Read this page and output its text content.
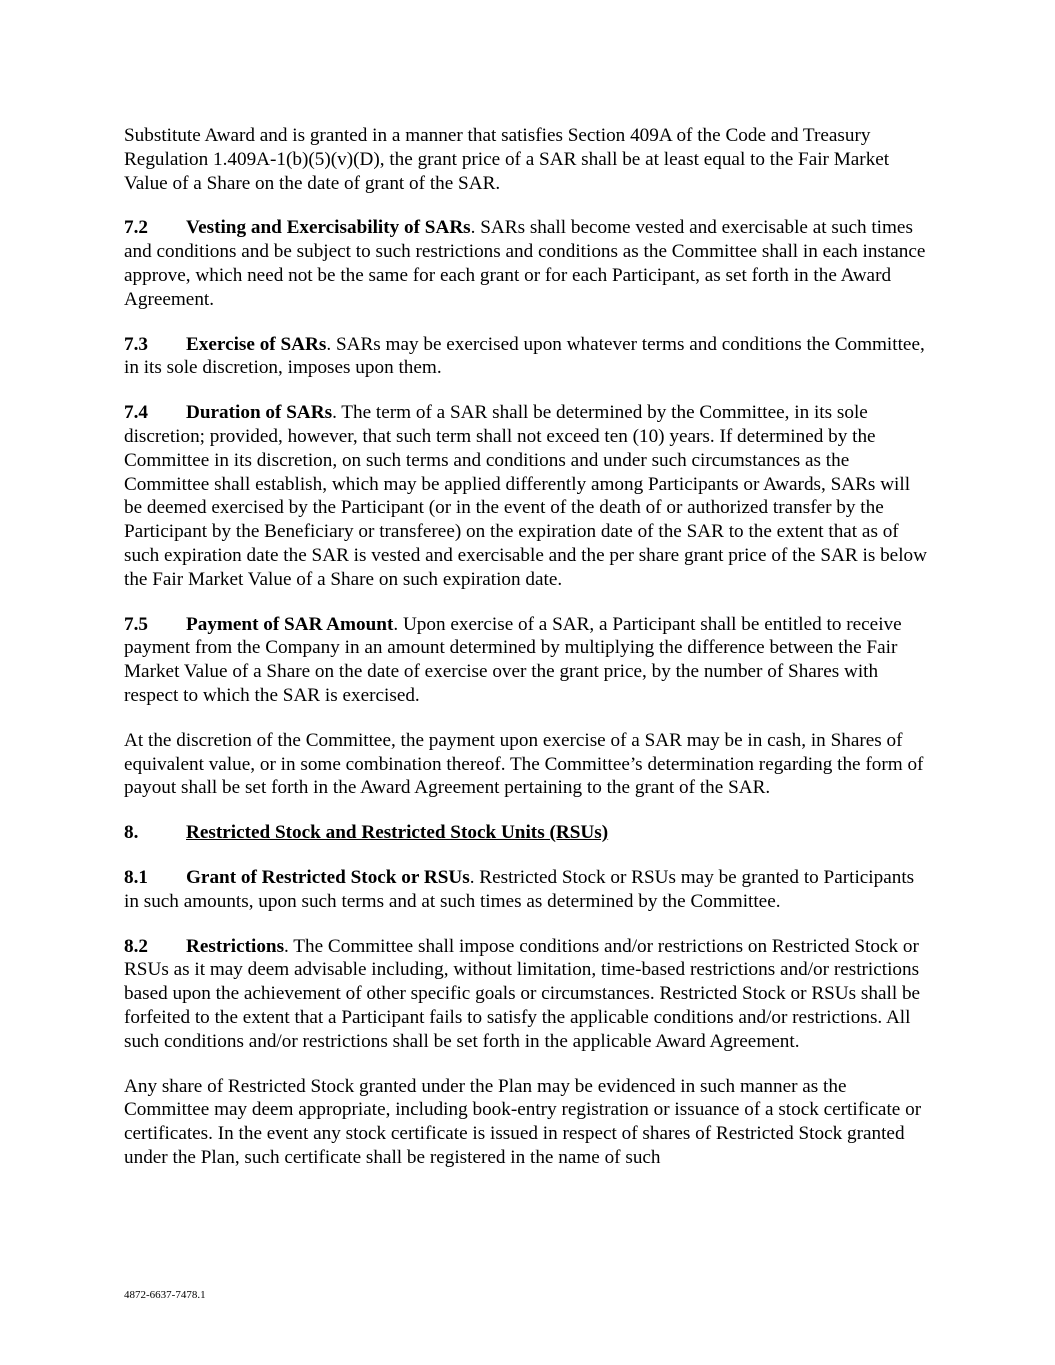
Substitute Award and is granted in a manner that satisfies Section 409A of the Code and Treasury Regulation 1.409A-1(b)(5)(v)(D), the grant price of a SAR shall be at least equal to the Fair Market Value of a Share on the date of grant of the SAR.

7.2 Vesting and Exercisability of SARs. SARs shall become vested and exercisable at such times and conditions and be subject to such restrictions and conditions as the Committee shall in each instance approve, which need not be the same for each grant or for each Participant, as set forth in the Award Agreement.

7.3 Exercise of SARs. SARs may be exercised upon whatever terms and conditions the Committee, in its sole discretion, imposes upon them.

7.4 Duration of SARs. The term of a SAR shall be determined by the Committee, in its sole discretion; provided, however, that such term shall not exceed ten (10) years. If determined by the Committee in its discretion, on such terms and conditions and under such circumstances as the Committee shall establish, which may be applied differently among Participants or Awards, SARs will be deemed exercised by the Participant (or in the event of the death of or authorized transfer by the Participant by the Beneficiary or transferee) on the expiration date of the SAR to the extent that as of such expiration date the SAR is vested and exercisable and the per share grant price of the SAR is below the Fair Market Value of a Share on such expiration date.

7.5 Payment of SAR Amount. Upon exercise of a SAR, a Participant shall be entitled to receive payment from the Company in an amount determined by multiplying the difference between the Fair Market Value of a Share on the date of exercise over the grant price, by the number of Shares with respect to which the SAR is exercised.

At the discretion of the Committee, the payment upon exercise of a SAR may be in cash, in Shares of equivalent value, or in some combination thereof. The Committee’s determination regarding the form of payout shall be set forth in the Award Agreement pertaining to the grant of the SAR.

8. Restricted Stock and Restricted Stock Units (RSUs)

8.1 Grant of Restricted Stock or RSUs. Restricted Stock or RSUs may be granted to Participants in such amounts, upon such terms and at such times as determined by the Committee.

8.2 Restrictions. The Committee shall impose conditions and/or restrictions on Restricted Stock or RSUs as it may deem advisable including, without limitation, time-based restrictions and/or restrictions based upon the achievement of other specific goals or circumstances. Restricted Stock or RSUs shall be forfeited to the extent that a Participant fails to satisfy the applicable conditions and/or restrictions. All such conditions and/or restrictions shall be set forth in the applicable Award Agreement.

Any share of Restricted Stock granted under the Plan may be evidenced in such manner as the Committee may deem appropriate, including book-entry registration or issuance of a stock certificate or certificates. In the event any stock certificate is issued in respect of shares of Restricted Stock granted under the Plan, such certificate shall be registered in the name of such

4872-6637-7478.1
